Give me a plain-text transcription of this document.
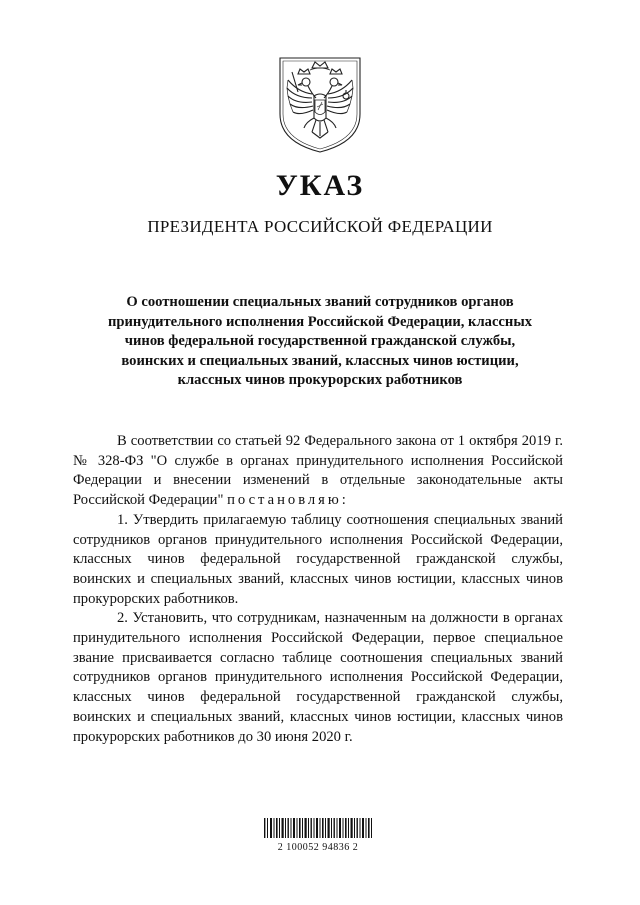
УКАЗ
ПРЕЗИДЕНТА РОССИЙСКОЙ ФЕДЕРАЦИИ
О соотношении специальных званий сотрудников органов принудительного исполнения Российской Федерации, классных чинов федеральной государственной гражданской службы, воинских и специальных званий, классных чинов юстиции, классных чинов прокурорских работников

В соответствии со статьей 92 Федерального закона от 1 октября 2019 г. № 328-ФЗ "О службе в органах принудительного исполнения Российской Федерации и внесении изменений в отдельные законодательные акты Российской Федерации" постановляю:

1. Утвердить прилагаемую таблицу соотношения специальных званий сотрудников органов принудительного исполнения Российской Федерации, классных чинов федеральной государственной гражданской службы, воинских и специальных званий, классных чинов юстиции, классных чинов прокурорских работников.

2. Установить, что сотрудникам, назначенным на должности в органах принудительного исполнения Российской Федерации, первое специальное звание присваивается согласно таблице соотношения специальных званий сотрудников органов принудительного исполнения Российской Федерации, классных чинов федеральной государственной гражданской службы, воинских и специальных званий, классных чинов юстиции, классных чинов прокурорских работников до 30 июня 2020 г.

2 100052 94836 2
